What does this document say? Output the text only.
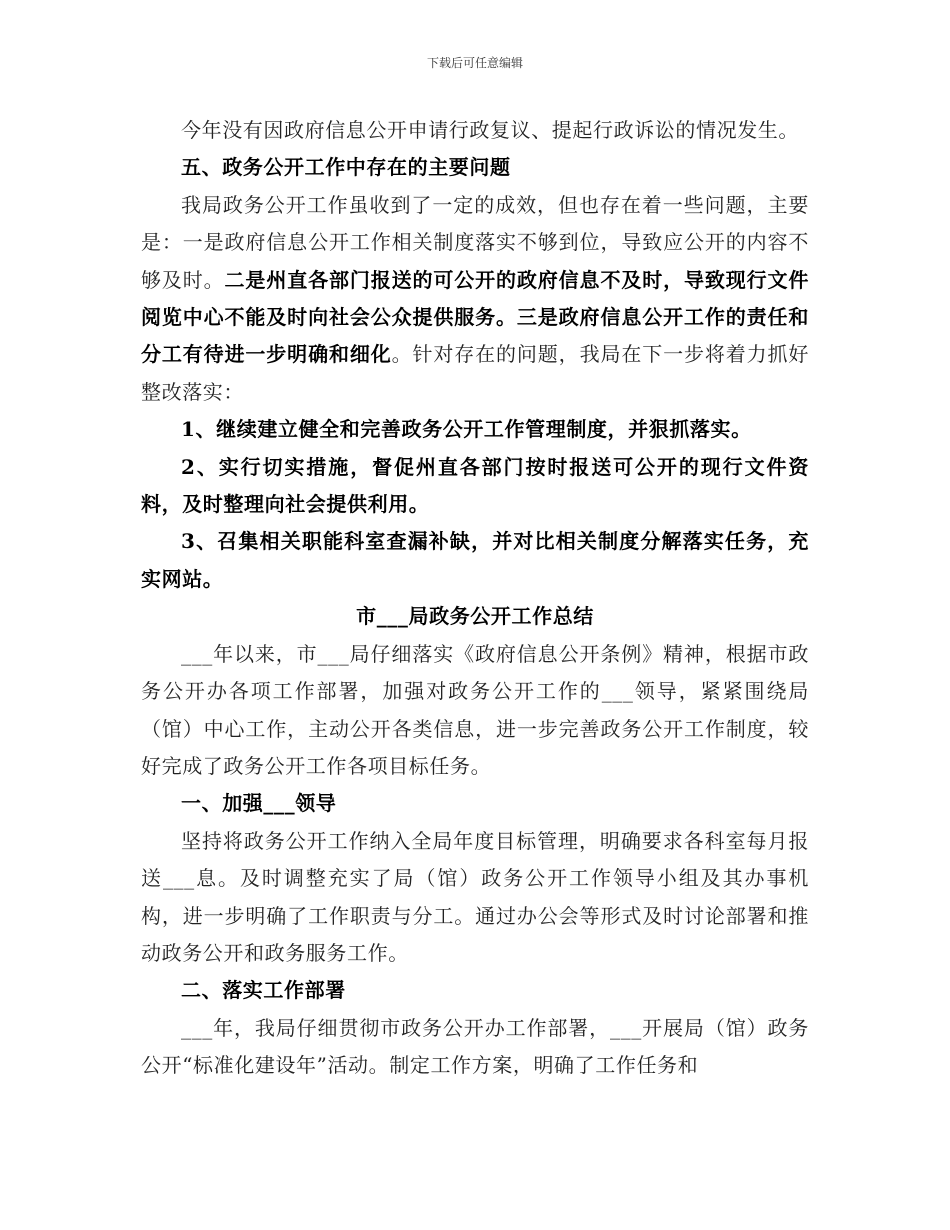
下载后可任意编辑

今年没有因政府信息公开申请行政复议、提起行政诉讼的情况发生。

五、政务公开工作中存在的主要问题

我局政务公开工作虽收到了一定的成效，但也存在着一些问题，主要是：一是政府信息公开工作相关制度落实不够到位，导致应公开的内容不够及时。二是州直各部门报送的可公开的政府信息不及时，导致现行文件阅览中心不能及时向社会公众提供服务。三是政府信息公开工作的责任和分工有待进一步明确和细化。针对存在的问题，我局在下一步将着力抓好整改落实：

1、继续建立健全和完善政务公开工作管理制度，并狠抓落实。

2、实行切实措施，督促州直各部门按时报送可公开的现行文件资料，及时整理向社会提供利用。

3、召集相关职能科室查漏补缺，并对比相关制度分解落实任务，充实网站。

市___局政务公开工作总结

___年以来，市___局仔细落实《政府信息公开条例》精神，根据市政务公开办各项工作部署，加强对政务公开工作的___领导，紧紧围绕局（馆）中心工作，主动公开各类信息，进一步完善政务公开工作制度，较好完成了政务公开工作各项目标任务。

一、加强___领导

坚持将政务公开工作纳入全局年度目标管理，明确要求各科室每月报送___息。及时调整充实了局（馆）政务公开工作领导小组及其办事机构，进一步明确了工作职责与分工。通过办公会等形式及时讨论部署和推动政务公开和政务服务工作。

二、落实工作部署

___年，我局仔细贯彻市政务公开办工作部署，___开展局（馆）政务公开“标准化建设年”活动。制定工作方案，明确了工作任务和
